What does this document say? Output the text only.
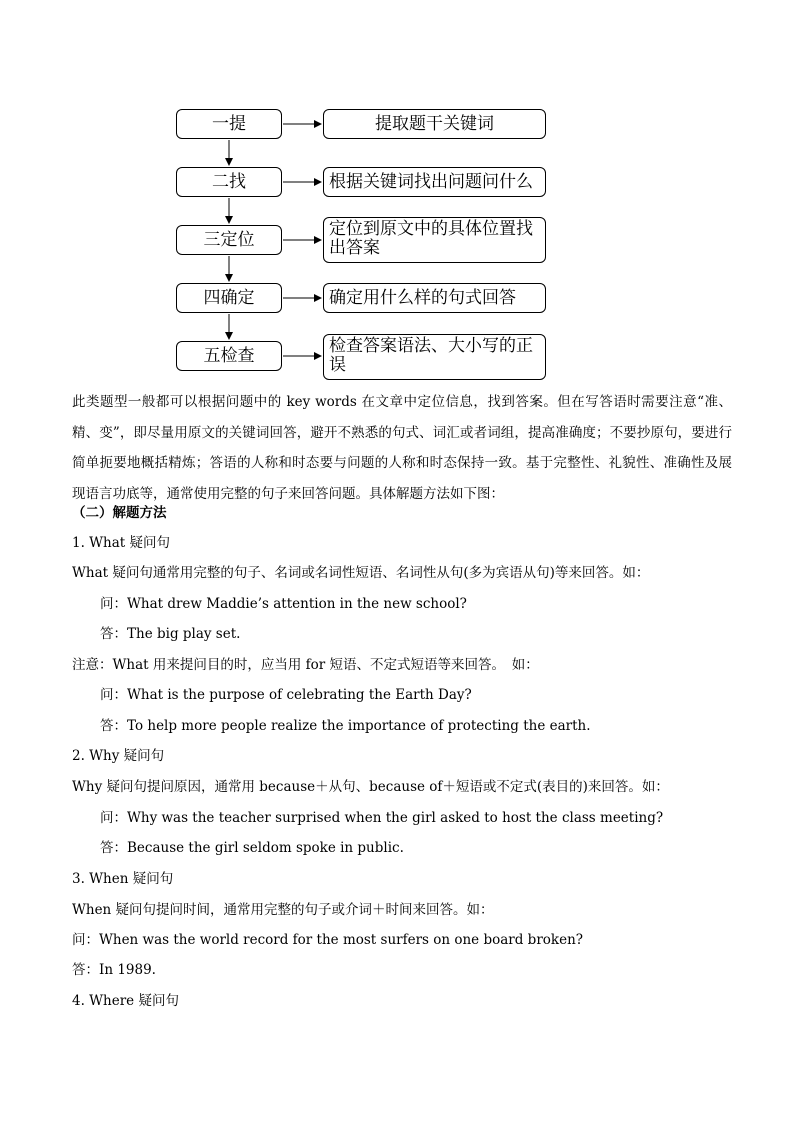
一提
二找
三定位
四确定
五检查
提取题干关键词
根据关键词找出问题问什么
定位到原文中的具体位置找出答案
确定用什么样的句式回答
检查答案语法、大小写的正误
此类题型一般都可以根据问题中的 key words 在文章中定位信息，找到答案。但在写答语时需要注意“准、精、变”，即尽量用原文的关键词回答，避开不熟悉的句式、词汇或者词组，提高准确度；不要抄原句，要进行简单扼要地概括精炼；答语的人称和时态要与问题的人称和时态保持一致。基于完整性、礼貌性、准确性及展现语言功底等，通常使用完整的句子来回答问题。具体解题方法如下图：
（二）解题方法
1. What 疑问句
What 疑问句通常用完整的句子、名词或名词性短语、名词性从句(多为宾语从句)等来回答。如：
问：What drew Maddie’s attention in the new school?
答：The big play set.
注意：What 用来提问目的时，应当用 for 短语、不定式短语等来回答。　如：
问：What is the purpose of celebrating the Earth Day?
答：To help more people realize the importance of protecting the earth.
2. Why 疑问句
Why 疑问句提问原因，通常用 because＋从句、because of＋短语或不定式(表目的)来回答。如：
问：Why was the teacher surprised when the girl asked to host the class meeting?
答：Because the girl seldom spoke in public.
3. When 疑问句
When 疑问句提问时间，通常用完整的句子或介词＋时间来回答。如：
问：When was the world record for the most surfers on one board broken?
答：In 1989.
4. Where 疑问句
